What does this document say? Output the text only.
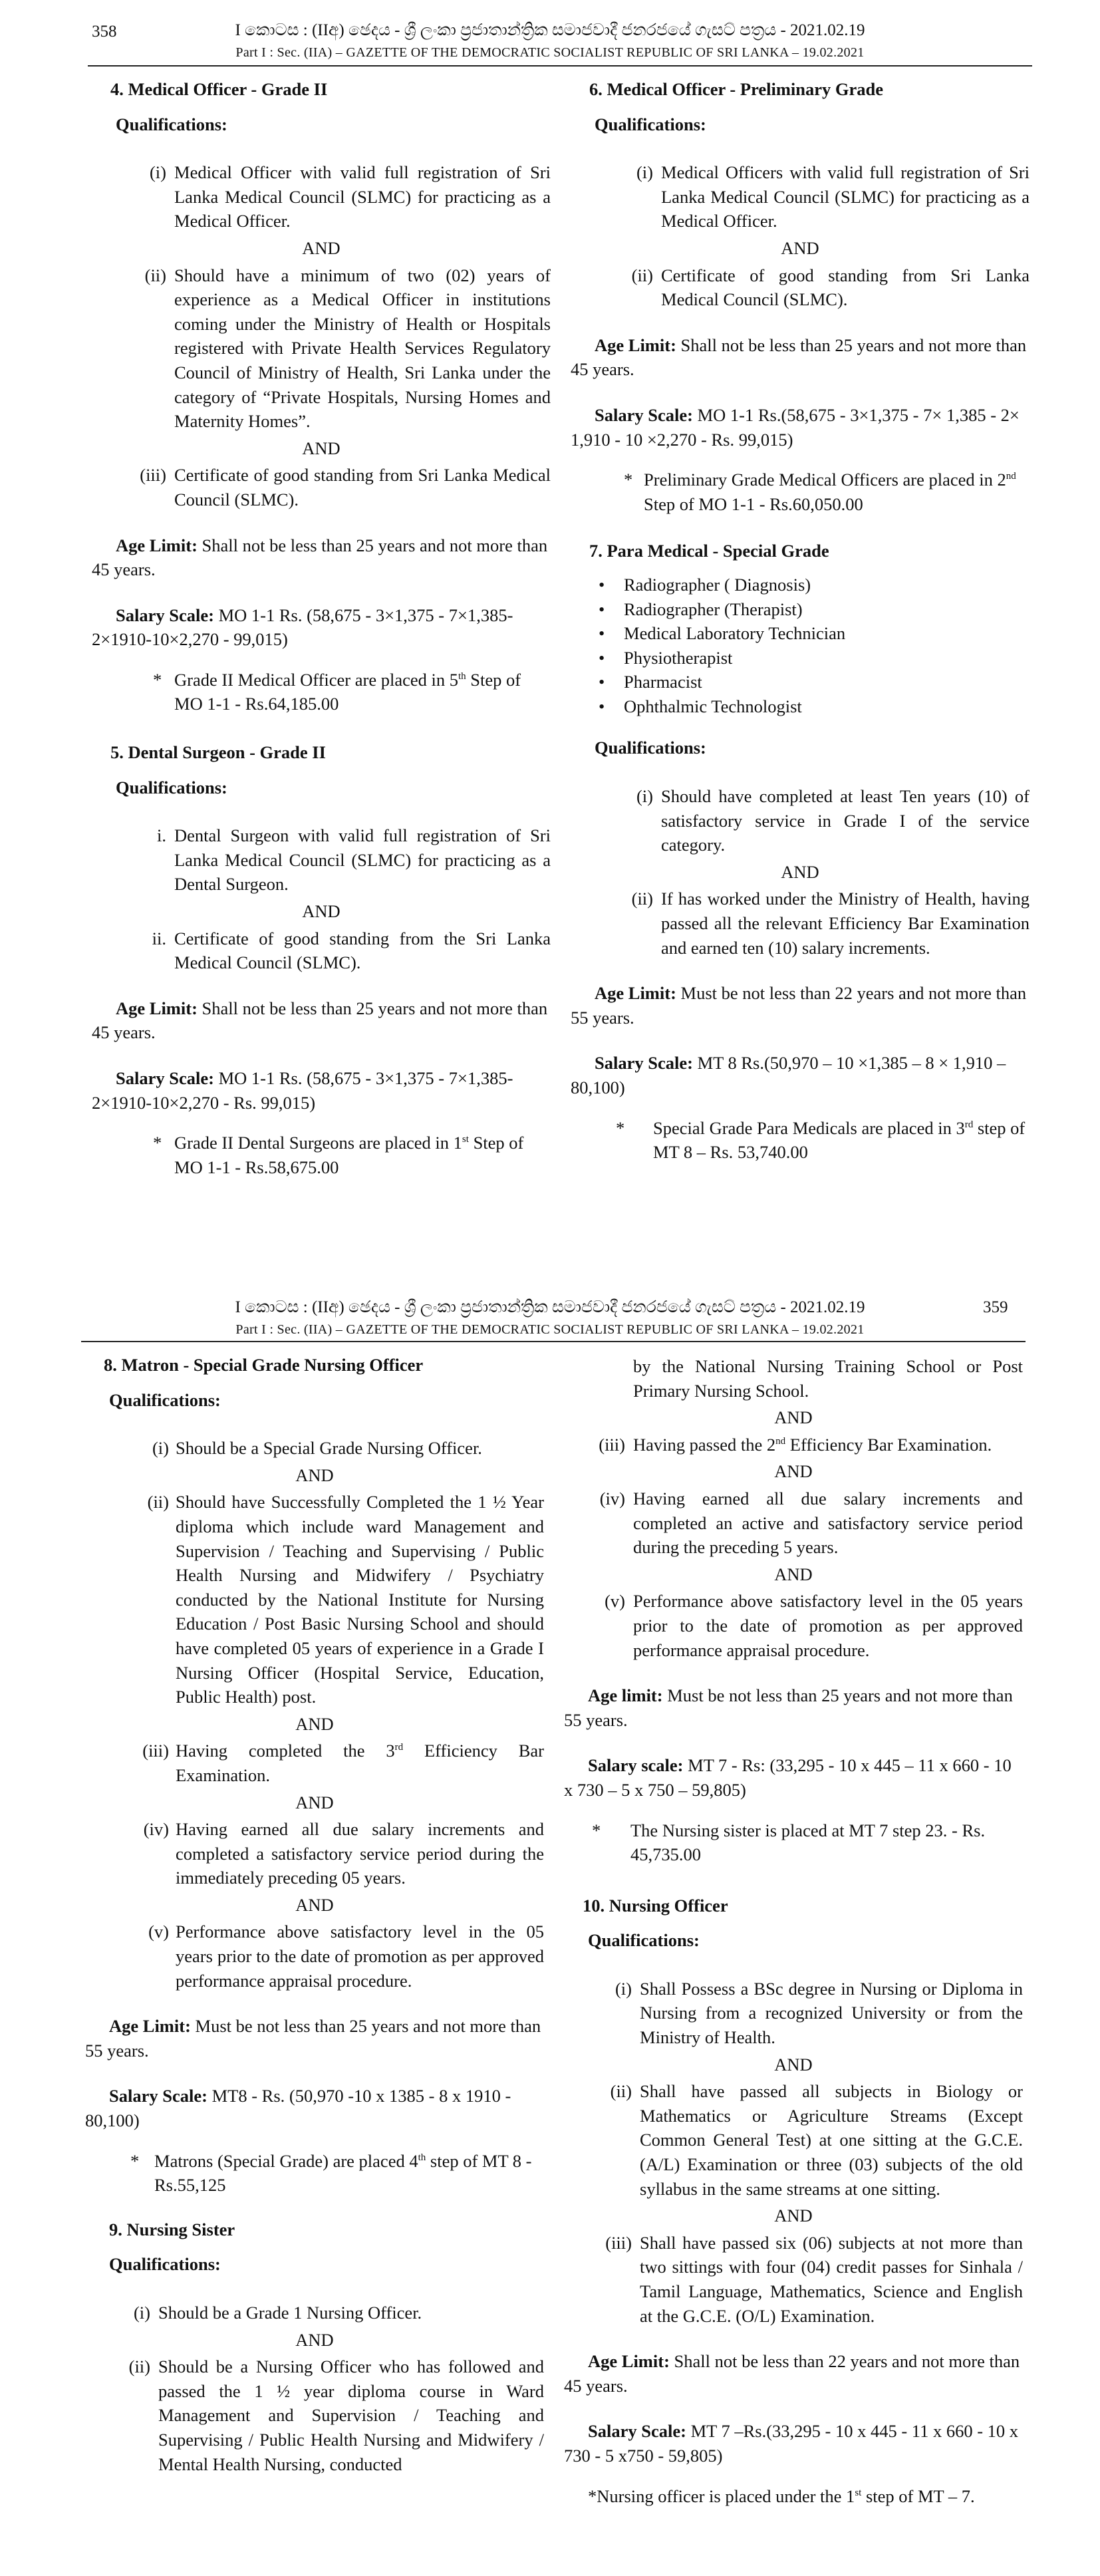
358	I කොටස : (IIඅ) ඡෙදය - ශ්‍රී ලංකා ප්‍රජාතාන්ත්‍රික සමාජවාදී ජනරජයේ ගැසට් පත්‍රය - 2021.02.19
Part I : Sec. (IIA) – GAZETTE OF THE DEMOCRATIC SOCIALIST REPUBLIC OF SRI LANKA – 19.02.2021

4. Medical Officer - Grade II

Qualifications:

(i) Medical Officer with valid full registration of Sri Lanka Medical Council (SLMC) for practicing as a Medical Officer.

AND

(ii) Should have a minimum of two (02) years of experience as a Medical Officer in institutions coming under the Ministry of Health or Hospitals registered with Private Health Services Regulatory Council of Ministry of Health, Sri Lanka under the category of “Private Hospitals, Nursing Homes and Maternity Homes”.

AND

(iii) Certificate of good standing from Sri Lanka Medical Council (SLMC).

Age Limit: Shall not be less than 25 years and not more than 45 years.

Salary Scale: MO 1-1 Rs. (58,675 - 3×1,375 - 7×1,385- 2×1910-10×2,270 - 99,015)

* Grade II Medical Officer are placed in 5th Step of MO 1-1 - Rs.64,185.00

5. Dental Surgeon - Grade II

Qualifications:

i. Dental Surgeon with valid full registration of Sri Lanka Medical Council (SLMC) for practicing as a Dental Surgeon.

AND

ii. Certificate of good standing from the Sri Lanka Medical Council (SLMC).

Age Limit: Shall not be less than 25 years and not more than 45 years.

Salary Scale: MO 1-1 Rs. (58,675 - 3×1,375 - 7×1,385- 2×1910-10×2,270 - Rs. 99,015)

* Grade II Dental Surgeons are placed in 1st Step of MO 1-1 - Rs.58,675.00

6. Medical Officer - Preliminary Grade

Qualifications:

(i) Medical Officers with valid full registration of Sri Lanka Medical Council (SLMC) for practicing as a Medical Officer.

AND

(ii) Certificate of good standing from Sri Lanka Medical Council (SLMC).

Age Limit: Shall not be less than 25 years and not more than 45 years.

Salary Scale: MO 1-1 Rs.(58,675 - 3×1,375 - 7× 1,385 - 2× 1,910 - 10 ×2,270 - Rs. 99,015)

* Preliminary Grade Medical Officers are placed in 2nd Step of MO 1-1 - Rs.60,050.00

7. Para Medical - Special Grade

• Radiographer ( Diagnosis)
• Radiographer (Therapist)
• Medical Laboratory Technician
• Physiotherapist
• Pharmacist
• Ophthalmic Technologist

Qualifications:

(i) Should have completed at least Ten years (10) of satisfactory service in Grade I of the service category.

AND

(ii) If has worked under the Ministry of Health, having passed all the relevant Efficiency Bar Examination and earned ten (10) salary increments.

Age Limit: Must be not less than 22 years and not more than 55 years.

Salary Scale: MT 8 Rs.(50,970 – 10 ×1,385 – 8 × 1,910 – 80,100)

* Special Grade Para Medicals are placed in 3rd step of MT 8 – Rs. 53,740.00
I කොටස : (IIඅ) ඡෙදය - ශ්‍රී ලංකා ප්‍රජාතාන්ත්‍රික සමාජවාදී ජනරජයේ ගැසට් පත්‍රය - 2021.02.19	359
Part I : Sec. (IIA) – GAZETTE OF THE DEMOCRATIC SOCIALIST REPUBLIC OF SRI LANKA – 19.02.2021

8. Matron - Special Grade Nursing Officer

Qualifications:

(i) Should be a Special Grade Nursing Officer.

AND

(ii) Should have Successfully Completed the 1 ½ Year diploma which include ward Management and Supervision / Teaching and Supervising / Public Health Nursing and Midwifery / Psychiatry conducted by the National Institute for Nursing Education / Post Basic Nursing School and should have completed 05 years of experience in a Grade I Nursing Officer (Hospital Service, Education, Public Health) post.

AND

(iii) Having completed the 3rd Efficiency Bar Examination.

AND

(iv) Having earned all due salary increments and completed a satisfactory service period during the immediately preceding 05 years.

AND

(v) Performance above satisfactory level in the 05 years prior to the date of promotion as per approved performance appraisal procedure.

Age Limit: Must be not less than 25 years and not more than 55 years.

Salary Scale: MT8 - Rs. (50,970 -10 x 1385 - 8 x 1910 - 80,100)

* Matrons (Special Grade) are placed 4th step of MT 8 - Rs.55,125

9. Nursing Sister

Qualifications:

(i) Should be a Grade 1 Nursing Officer.

AND

(ii) Should be a Nursing Officer who has followed and passed the 1 ½ year diploma course in Ward Management and Supervision / Teaching and Supervising / Public Health Nursing and Midwifery / Mental Health Nursing, conducted
by the National Nursing Training School or Post Primary Nursing School.

AND

(iii) Having passed the 2nd Efficiency Bar Examination.

AND

(iv) Having earned all due salary increments and completed an active and satisfactory service period during the preceding 5 years.

AND

(v) Performance above satisfactory level in the 05 years prior to the date of promotion as per approved performance appraisal procedure.

Age limit: Must be not less than 25 years and not more than 55 years.

Salary scale: MT 7 - Rs: (33,295 - 10 x 445 – 11 x 660 - 10 x 730 – 5 x 750 – 59,805)

* The Nursing sister is placed at MT 7 step 23. - Rs. 45,735.00

10. Nursing Officer

Qualifications:

(i) Shall Possess a BSc degree in Nursing or Diploma in Nursing from a recognized University or from the Ministry of Health.

AND

(ii) Shall have passed all subjects in Biology or Mathematics or Agriculture Streams (Except Common General Test) at one sitting at the G.C.E. (A/L) Examination or three (03) subjects of the old syllabus in the same streams at one sitting.

AND

(iii) Shall have passed six (06) subjects at not more than two sittings with four (04) credit passes for Sinhala / Tamil Language, Mathematics, Science and English at the G.C.E. (O/L) Examination.

Age Limit: Shall not be less than 22 years and not more than 45 years.

Salary Scale: MT 7 –Rs.(33,295 - 10 x 445 - 11 x 660 - 10 x 730 - 5 x750 - 59,805)

*Nursing officer is placed under the 1st step of MT – 7.
